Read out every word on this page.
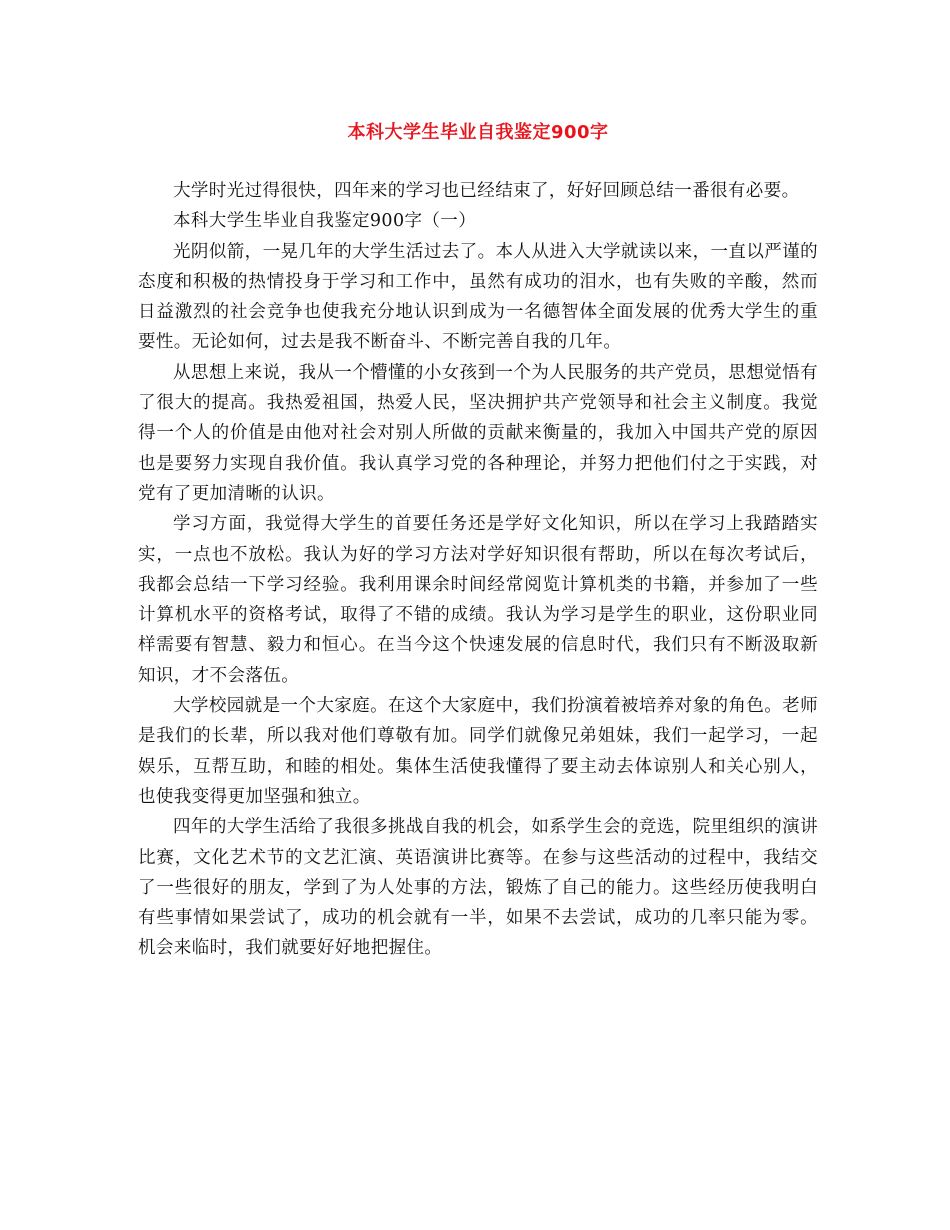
本科大学生毕业自我鉴定900字

大学时光过得很快，四年来的学习也已经结束了，好好回顾总结一番很有必要。

本科大学生毕业自我鉴定900字（一）

光阴似箭，一晃几年的大学生活过去了。本人从进入大学就读以来，一直以严谨的态度和积极的热情投身于学习和工作中，虽然有成功的泪水，也有失败的辛酸，然而日益激烈的社会竞争也使我充分地认识到成为一名德智体全面发展的优秀大学生的重要性。无论如何，过去是我不断奋斗、不断完善自我的几年。

从思想上来说，我从一个懵懂的小女孩到一个为人民服务的共产党员，思想觉悟有了很大的提高。我热爱祖国，热爱人民，坚决拥护共产党领导和社会主义制度。我觉得一个人的价值是由他对社会对别人所做的贡献来衡量的，我加入中国共产党的原因也是要努力实现自我价值。我认真学习党的各种理论，并努力把他们付之于实践，对党有了更加清晰的认识。

学习方面，我觉得大学生的首要任务还是学好文化知识，所以在学习上我踏踏实实，一点也不放松。我认为好的学习方法对学好知识很有帮助，所以在每次考试后，我都会总结一下学习经验。我利用课余时间经常阅览计算机类的书籍，并参加了一些计算机水平的资格考试，取得了不错的成绩。我认为学习是学生的职业，这份职业同样需要有智慧、毅力和恒心。在当今这个快速发展的信息时代，我们只有不断汲取新知识，才不会落伍。

大学校园就是一个大家庭。在这个大家庭中，我们扮演着被培养对象的角色。老师是我们的长辈，所以我对他们尊敬有加。同学们就像兄弟姐妹，我们一起学习，一起娱乐，互帮互助，和睦的相处。集体生活使我懂得了要主动去体谅别人和关心别人，也使我变得更加坚强和独立。

四年的大学生活给了我很多挑战自我的机会，如系学生会的竞选，院里组织的演讲比赛，文化艺术节的文艺汇演、英语演讲比赛等。在参与这些活动的过程中，我结交了一些很好的朋友，学到了为人处事的方法，锻炼了自己的能力。这些经历使我明白有些事情如果尝试了，成功的机会就有一半，如果不去尝试，成功的几率只能为零。机会来临时，我们就要好好地把握住。
